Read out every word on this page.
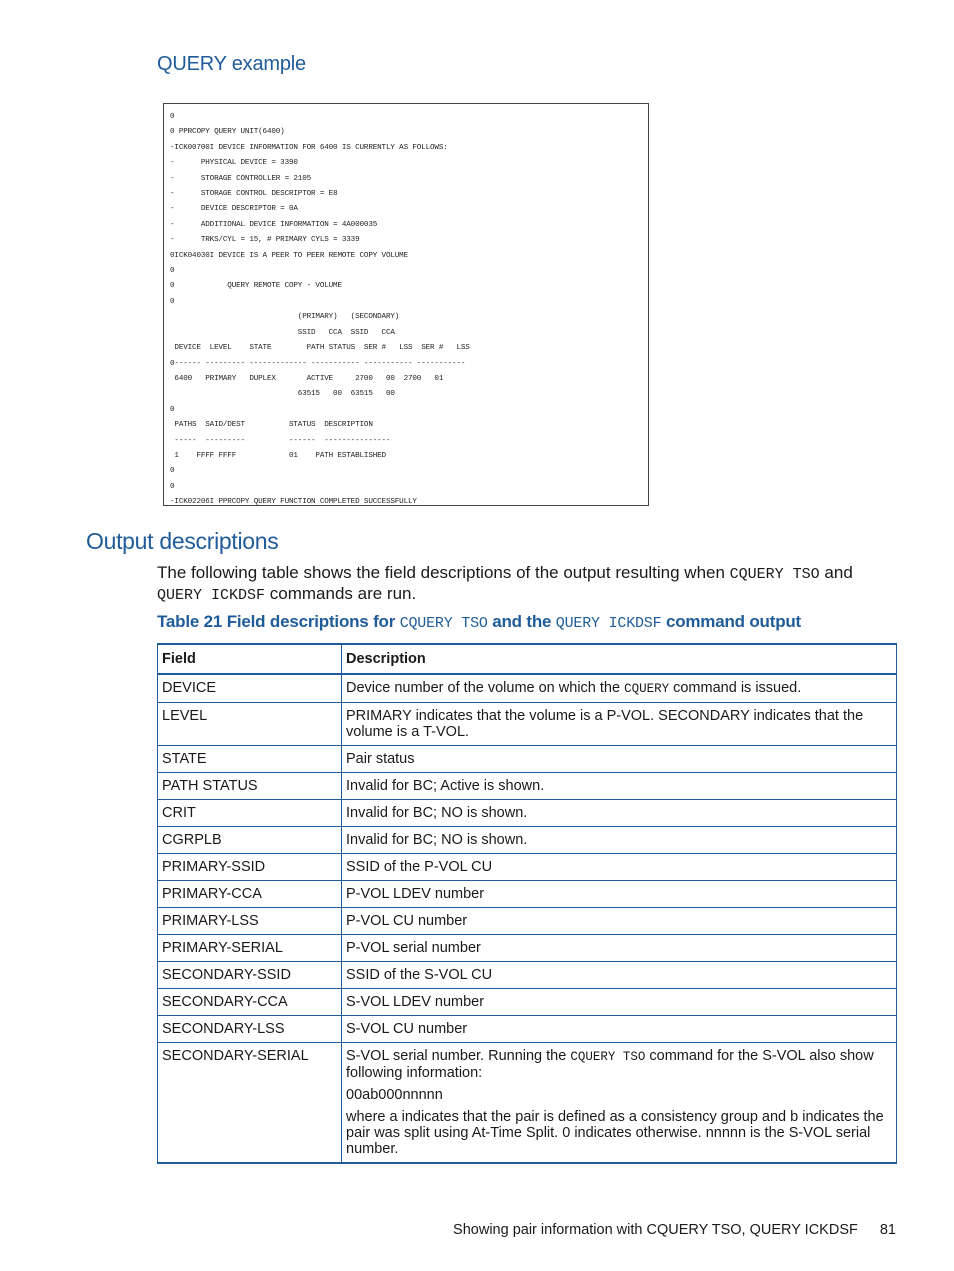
QUERY example
0
0 PPRCOPY QUERY UNIT(6400)
-ICK00700I DEVICE INFORMATION FOR 6400 IS CURRENTLY AS FOLLOWS:
-      PHYSICAL DEVICE = 3390
-      STORAGE CONTROLLER = 2105
-      STORAGE CONTROL DESCRIPTOR = E8
-      DEVICE DESCRIPTOR = 0A
-      ADDITIONAL DEVICE INFORMATION = 4A000035
-      TRKS/CYL = 15, # PRIMARY CYLS = 3339
0ICK04030I DEVICE IS A PEER TO PEER REMOTE COPY VOLUME
0
0            QUERY REMOTE COPY - VOLUME
0
(PRIMARY)   (SECONDARY)
SSID   CCA  SSID   CCA
DEVICE  LEVEL    STATE        PATH STATUS  SER #   LSS  SER #   LSS
0------ --------- ------------- ----------- ----------- -----------
6400   PRIMARY   DUPLEX       ACTIVE     2700   00  2700   01
63515   00  63515   00
0
PATHS  SAID/DEST          STATUS  DESCRIPTION
-----  ---------          ------  ---------------
1    FFFF FFFF            01    PATH ESTABLISHED
0
0
-ICK02206I PPRCOPY QUERY FUNCTION COMPLETED SUCCESSFULLY

Output descriptions

The following table shows the field descriptions of the output resulting when CQUERY TSO and QUERY ICKDSF commands are run.

Table 21 Field descriptions for CQUERY TSO and the QUERY ICKDSF command output

Field	Description
DEVICE	Device number of the volume on which the CQUERY command is issued.
LEVEL	PRIMARY indicates that the volume is a P-VOL. SECONDARY indicates that the volume is a T-VOL.
STATE	Pair status
PATH STATUS	Invalid for BC; Active is shown.
CRIT	Invalid for BC; NO is shown.
CGRPLB	Invalid for BC; NO is shown.
PRIMARY-SSID	SSID of the P-VOL CU
PRIMARY-CCA	P-VOL LDEV number
PRIMARY-LSS	P-VOL CU number
PRIMARY-SERIAL	P-VOL serial number
SECONDARY-SSID	SSID of the S-VOL CU
SECONDARY-CCA	S-VOL LDEV number
SECONDARY-LSS	S-VOL CU number
SECONDARY-SERIAL	S-VOL serial number. Running the CQUERY TSO command for the S-VOL also show following information:

00ab000nnnnn

where a indicates that the pair is defined as a consistency group and b indicates the pair was split using At-Time Split. 0 indicates otherwise. nnnnn is the S-VOL serial number.

Showing pair information with CQUERY TSO, QUERY ICKDSF 81
